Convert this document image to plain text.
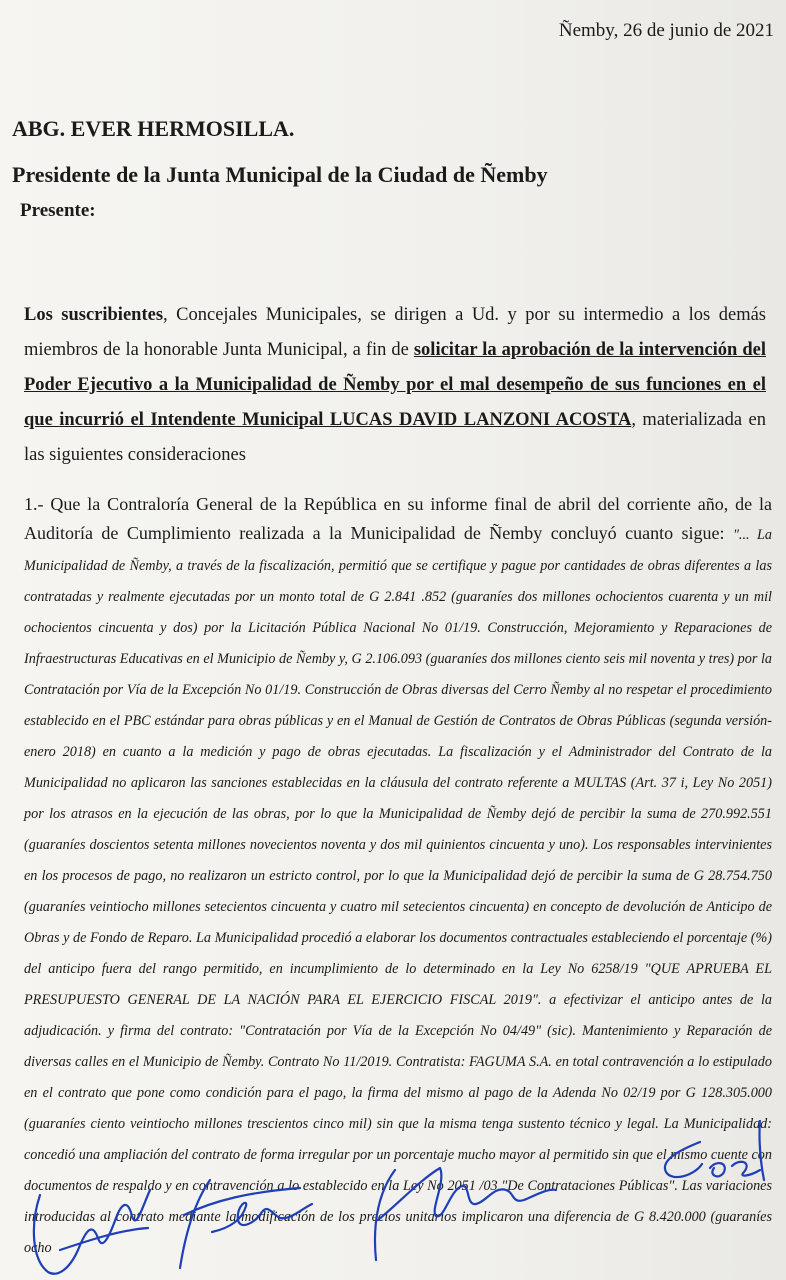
Ñemby, 26 de junio de 2021
ABG. EVER HERMOSILLA.
Presidente de la Junta Municipal de la Ciudad de Ñemby
Presente:
Los suscribientes, Concejales Municipales, se dirigen a Ud. y por su intermedio a los demás miembros de la honorable Junta Municipal, a fin de solicitar la aprobación de la intervención del Poder Ejecutivo a la Municipalidad de Ñemby por el mal desempeño de sus funciones en el que incurrió el Intendente Municipal LUCAS DAVID LANZONI ACOSTA, materializada en las siguientes consideraciones
1.- Que la Contraloría General de la República en su informe final de abril del corriente año, de la Auditoría de Cumplimiento realizada a la Municipalidad de Ñemby concluyó cuanto sigue: "... La Municipalidad de Ñemby, a través de la fiscalización, permitió que se certifique y pague por cantidades de obras diferentes a las contratadas y realmente ejecutadas por un monto total de G 2.841 .852 (guaraníes dos millones ochocientos cuarenta y un mil ochocientos cincuenta y dos) por la Licitación Pública Nacional No 01/19. Construcción, Mejoramiento y Reparaciones de Infraestructuras Educativas en el Municipio de Ñemby y, G 2.106.093 (guaraníes dos millones ciento seis mil noventa y tres) por la Contratación por Vía de la Excepción No 01/19. Construcción de Obras diversas del Cerro Ñemby al no respetar el procedimiento establecido en el PBC estándar para obras públicas y en el Manual de Gestión de Contratos de Obras Públicas (segunda versión-enero 2018) en cuanto a la medición y pago de obras ejecutadas. La fiscalización y el Administrador del Contrato de la Municipalidad no aplicaron las sanciones establecidas en la cláusula del contrato referente a MULTAS (Art. 37 i, Ley No 2051) por los atrasos en la ejecución de las obras, por lo que la Municipalidad de Ñemby dejó de percibir la suma de 270.992.551 (guaraníes doscientos setenta millones novecientos noventa y dos mil quinientos cincuenta y uno). Los responsables intervinientes en los procesos de pago, no realizaron un estricto control, por lo que la Municipalidad dejó de percibir la suma de G 28.754.750 (guaraníes veintiocho millones setecientos cincuenta y cuatro mil setecientos cincuenta) en concepto de devolución de Anticipo de Obras y de Fondo de Reparo. La Municipalidad procedió a elaborar los documentos contractuales estableciendo el porcentaje (%) del anticipo fuera del rango permitido, en incumplimiento de lo determinado en la Ley No 6258/19 "QUE APRUEBA EL PRESUPUESTO GENERAL DE LA NACIÓN PARA EL EJERCICIO FISCAL 2019". a efectivizar el anticipo antes de la adjudicación. y firma del contrato: "Contratación por Vía de la Excepción No 04/49" (sic). Mantenimiento y Reparación de diversas calles en el Municipio de Ñemby. Contrato No 11/2019. Contratista: FAGUMA S.A. en total contravención a lo estipulado en el contrato que pone como condición para el pago, la firma del mismo al pago de la Adenda No 02/19 por G 128.305.000 (guaraníes ciento veintiocho millones trescientos cinco mil) sin que la misma tenga sustento técnico y legal. La Municipalidad: concedió una ampliación del contrato de forma irregular por un porcentaje mucho mayor al permitido sin que el mismo cuente con documentos de respaldo y en contravención a lo establecido en la Ley No 2051 /03 "De Contrataciones Públicas". Las variaciones introducidas al contrato mediante la modificación de los precios unitarios implicaron una diferencia de G 8.420.000 (guaraníes ocho
